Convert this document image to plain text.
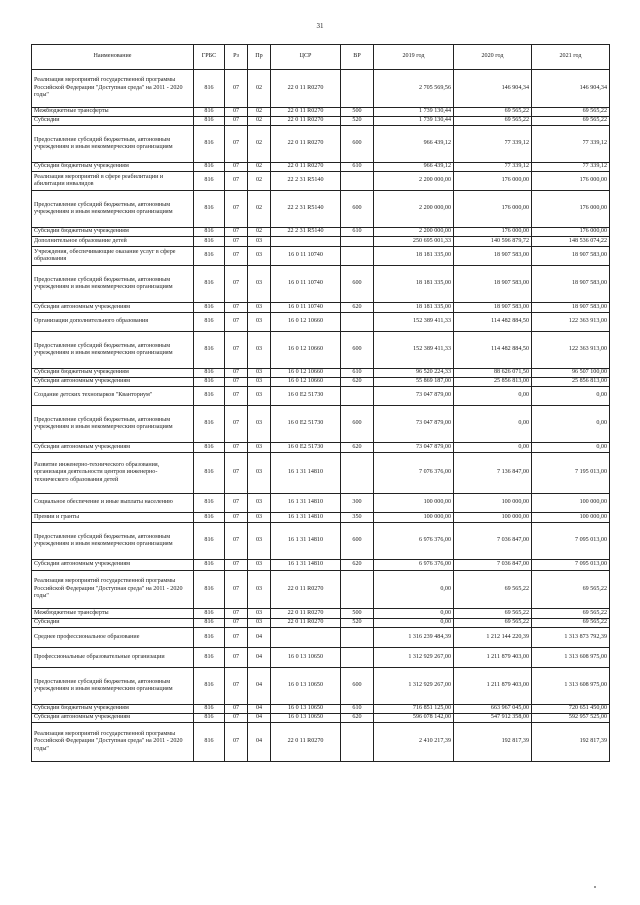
31
Наименование	ГРБС	Рз	Пр	ЦСР	ВР	2019 год	2020 год	2021 год
Реализация мероприятий государственной программы Российской Федерации "Доступная среда" на 2011 - 2020 годы"	816	07	02	22 0 11 R0270		2 705 569,56	146 904,34	146 904,34
Межбюджетные трансферты	816	07	02	22 0 11 R0270	500	1 739 130,44	69 565,22	69 565,22
Субсидии	816	07	02	22 0 11 R0270	520	1 739 130,44	69 565,22	69 565,22
Предоставление субсидий бюджетным, автономным учреждениям и иным некоммерческим организациям	816	07	02	22 0 11 R0270	600	966 439,12	77 339,12	77 339,12
Субсидии бюджетным учреждениям	816	07	02	22 0 11 R0270	610	966 439,12	77 339,12	77 339,12
Реализация мероприятий в сфере реабилитации и абилитации инвалидов	816	07	02	22 2 31 R5140		2 200 000,00	176 000,00	176 000,00
Предоставление субсидий бюджетным, автономным учреждениям и иным некоммерческим организациям	816	07	02	22 2 31 R5140	600	2 200 000,00	176 000,00	176 000,00
Субсидии бюджетным учреждениям	816	07	02	22 2 31 R5140	610	2 200 000,00	176 000,00	176 000,00
Дополнительное образование детей	816	07	03			250 695 001,33	140 596 879,72	148 536 074,22
Учреждения, обеспечивающие оказание услуг в сфере образования	816	07	03	16 0 11 10740		18 181 335,00	18 907 583,00	18 907 583,00
Предоставление субсидий бюджетным, автономным учреждениям и иным некоммерческим организациям	816	07	03	16 0 11 10740	600	18 181 335,00	18 907 583,00	18 907 583,00
Субсидии автономным учреждениям	816	07	03	16 0 11 10740	620	18 181 335,00	18 907 583,00	18 907 583,00
Организации дополнительного образования	816	07	03	16 0 12 10660		152 389 411,33	114 482 884,50	122 363 913,00
Предоставление субсидий бюджетным, автономным учреждениям и иным некоммерческим организациям	816	07	03	16 0 12 10660	600	152 389 411,33	114 482 884,50	122 363 913,00
Субсидии бюджетным учреждениям	816	07	03	16 0 12 10660	610	96 520 224,33	88 626 071,50	96 507 100,00
Субсидии автономным учреждениям	816	07	03	16 0 12 10660	620	55 869 187,00	25 856 813,00	25 856 813,00
Создание детских технопарков "Кванториум"	816	07	03	16 0 E2 51730		73 047 879,00	0,00	0,00
Предоставление субсидий бюджетным, автономным учреждениям и иным некоммерческим организациям	816	07	03	16 0 E2 51730	600	73 047 879,00	0,00	0,00
Субсидии автономным учреждениям	816	07	03	16 0 E2 51730	620	73 047 879,00	0,00	0,00
Развитие инженерно-технического образования, организация деятельности центров инженерно-технического образования детей	816	07	03	16 1 31 14810		7 076 376,00	7 136 847,00	7 195 013,00
Социальное обеспечение и иные выплаты населению	816	07	03	16 1 31 14810	300	100 000,00	100 000,00	100 000,00
Премии и гранты	816	07	03	16 1 31 14810	350	100 000,00	100 000,00	100 000,00
Предоставление субсидий бюджетным, автономным учреждениям и иным некоммерческим организациям	816	07	03	16 1 31 14810	600	6 976 376,00	7 036 847,00	7 095 013,00
Субсидии автономным учреждениям	816	07	03	16 1 31 14810	620	6 976 376,00	7 036 847,00	7 095 013,00
Реализация мероприятий государственной программы Российской Федерации "Доступная среда" на 2011 - 2020 годы"	816	07	03	22 0 11 R0270		0,00	69 565,22	69 565,22
Межбюджетные трансферты	816	07	03	22 0 11 R0270	500	0,00	69 565,22	69 565,22
Субсидии	816	07	03	22 0 11 R0270	520	0,00	69 565,22	69 565,22
Среднее профессиональное образование	816	07	04			1 316 239 484,39	1 212 144 220,39	1 313 873 792,39
Профессиональные образовательные организации	816	07	04	16 0 13 10650		1 312 929 267,00	1 211 879 403,00	1 313 608 975,00
Предоставление субсидий бюджетным, автономным учреждениям и иным некоммерческим организациям	816	07	04	16 0 13 10650	600	1 312 929 267,00	1 211 879 403,00	1 313 608 975,00
Субсидии бюджетным учреждениям	816	07	04	16 0 13 10650	610	716 851 125,00	663 967 045,00	720 651 450,00
Субсидии автономным учреждениям	816	07	04	16 0 13 10650	620	596 078 142,00	547 912 358,00	592 957 525,00
Реализация мероприятий государственной программы Российской Федерации "Доступная среда" на 2011 - 2020 годы"	816	07	04	22 0 11 R0270		2 410 217,39	192 817,39	192 817,39
